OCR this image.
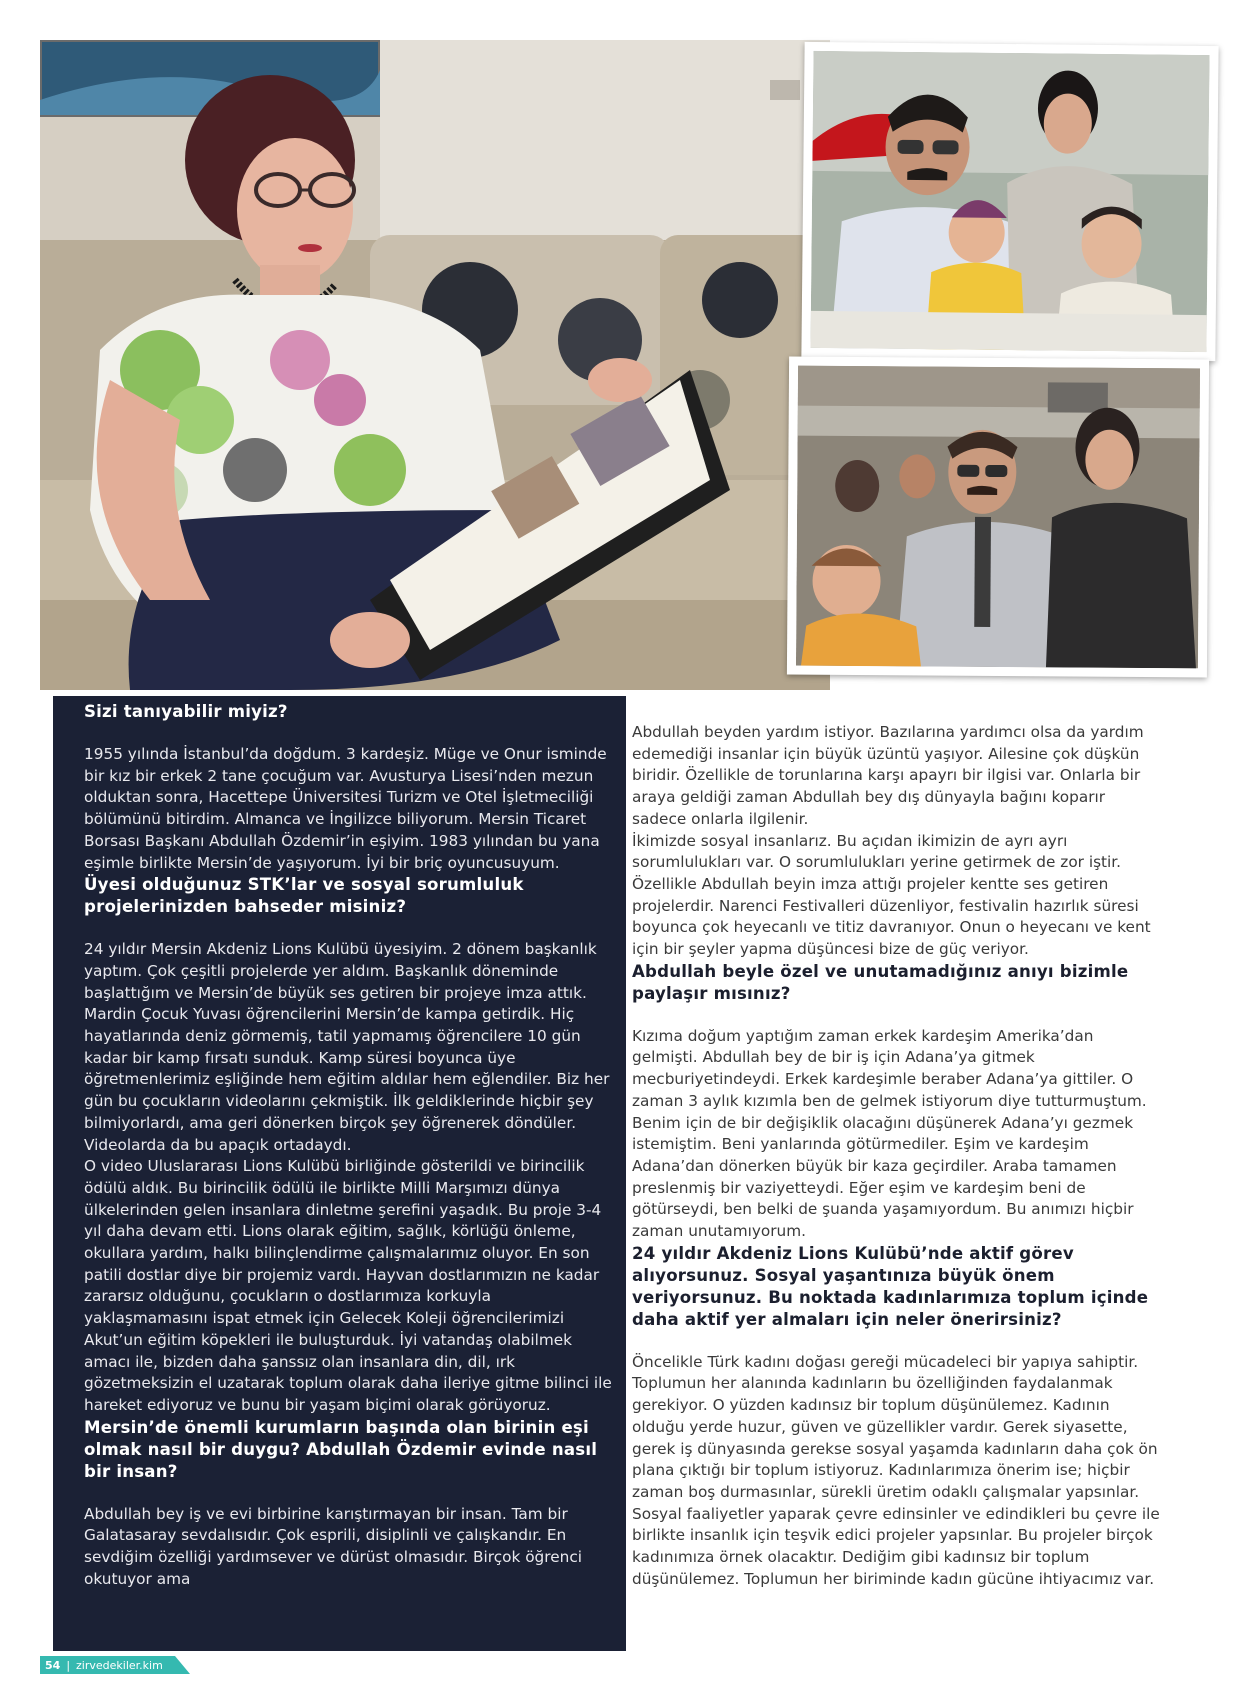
Sizi tanıyabilir miyiz?

1955 yılında İstanbul’da doğdum. 3 kardeşiz. Müge ve Onur isminde bir kız bir erkek 2 tane çocuğum var. Avusturya Lisesi’nden mezun olduktan sonra, Hacettepe Üniversitesi Turizm ve Otel İşletmeciliği bölümünü bitirdim. Almanca ve İngilizce biliyorum. Mersin Ticaret Borsası Başkanı Abdullah Özdemir’in eşiyim. 1983 yılından bu yana eşimle birlikte Mersin’de yaşıyorum. İyi bir briç oyuncusuyum.

Üyesi olduğunuz STK’lar ve sosyal sorumluluk projelerinizden bahseder misiniz?

24 yıldır Mersin Akdeniz Lions Kulübü üyesiyim. 2 dönem başkanlık yaptım. Çok çeşitli projelerde yer aldım. Başkanlık döneminde başlattığım ve Mersin’de büyük ses getiren bir projeye imza attık. Mardin Çocuk Yuvası öğrencilerini Mersin’de kampa getirdik. Hiç hayatlarında deniz görmemiş, tatil yapmamış öğrencilere 10 gün kadar bir kamp fırsatı sunduk. Kamp süresi boyunca üye öğretmenlerimiz eşliğinde hem eğitim aldılar hem eğlendiler. Biz her gün bu çocukların videolarını çekmiştik. İlk geldiklerinde hiçbir şey bilmiyorlardı, ama geri dönerken birçok şey öğrenerek döndüler. Videolarda da bu apaçık ortadaydı.

O video Uluslararası Lions Kulübü birliğinde gösterildi ve birincilik ödülü aldık. Bu birincilik ödülü ile birlikte Milli Marşımızı dünya ülkelerinden gelen insanlara dinletme şerefini yaşadık. Bu proje 3-4 yıl daha devam etti. Lions olarak eğitim, sağlık, körlüğü önleme, okullara yardım, halkı bilinçlendirme çalışmalarımız oluyor. En son patili dostlar diye bir projemiz vardı. Hayvan dostlarımızın ne kadar zararsız olduğunu, çocukların o dostlarımıza korkuyla yaklaşmamasını ispat etmek için Gelecek Koleji öğrencilerimizi Akut’un eğitim köpekleri ile buluşturduk. İyi vatandaş olabilmek amacı ile, bizden daha şanssız olan insanlara din, dil, ırk gözetmeksizin el uzatarak toplum olarak daha ileriye gitme bilinci ile hareket ediyoruz ve bunu bir yaşam biçimi olarak görüyoruz.

Mersin’de önemli kurumların başında olan birinin eşi olmak nasıl bir duygu? Abdullah Özdemir evinde nasıl bir insan?

Abdullah bey iş ve evi birbirine karıştırmayan bir insan. Tam bir Galatasaray sevdalısıdır. Çok esprili, disiplinli ve çalışkandır. En sevdiğim özelliği yardımsever ve dürüst olmasıdır. Birçok öğrenci okutuyor ama

Abdullah beyden yardım istiyor. Bazılarına yardımcı olsa da yardım edemediği insanlar için büyük üzüntü yaşıyor. Ailesine çok düşkün biridir. Özellikle de torunlarına karşı apayrı bir ilgisi var. Onlarla bir araya geldiği zaman Abdullah bey dış dünyayla bağını koparır sadece onlarla ilgilenir.

İkimizde sosyal insanlarız. Bu açıdan ikimizin de ayrı ayrı sorumlulukları var. O sorumlulukları yerine getirmek de zor iştir. Özellikle Abdullah beyin imza attığı projeler kentte ses getiren projelerdir. Narenci Festivalleri düzenliyor, festivalin hazırlık süresi boyunca çok heyecanlı ve titiz davranıyor. Onun o heyecanı ve kent için bir şeyler yapma düşüncesi bize de güç veriyor.

Abdullah beyle özel ve unutamadığınız anıyı bizimle paylaşır mısınız?

Kızıma doğum yaptığım zaman erkek kardeşim Amerika’dan gelmişti. Abdullah bey de bir iş için Adana’ya gitmek mecburiyetindeydi. Erkek kardeşimle beraber Adana’ya gittiler. O zaman 3 aylık kızımla ben de gelmek istiyorum diye tutturmuştum. Benim için de bir değişiklik olacağını düşünerek Adana’yı gezmek istemiştim. Beni yanlarında götürmediler. Eşim ve kardeşim Adana’dan dönerken büyük bir kaza geçirdiler. Araba tamamen preslenmiş bir vaziyetteydi. Eğer eşim ve kardeşim beni de götürseydi, ben belki de şuanda yaşamıyordum. Bu anımızı hiçbir zaman unutamıyorum.

24 yıldır Akdeniz Lions Kulübü’nde aktif görev alıyorsunuz. Sosyal yaşantınıza büyük önem veriyorsunuz. Bu noktada kadınlarımıza toplum içinde daha aktif yer almaları için neler önerirsiniz?

Öncelikle Türk kadını doğası gereği mücadeleci bir yapıya sahiptir. Toplumun her alanında kadınların bu özelliğinden faydalanmak gerekiyor. O yüzden kadınsız bir toplum düşünülemez. Kadının olduğu yerde huzur, güven ve güzellikler vardır. Gerek siyasette, gerek iş dünyasında gerekse sosyal yaşamda kadınların daha çok ön plana çıktığı bir toplum istiyoruz. Kadınlarımıza önerim ise; hiçbir zaman boş durmasınlar, sürekli üretim odaklı çalışmalar yapsınlar. Sosyal faaliyetler yaparak çevre edinsinler ve edindikleri bu çevre ile birlikte insanlık için teşvik edici projeler yapsınlar. Bu projeler birçok kadınımıza örnek olacaktır. Dediğim gibi kadınsız bir toplum düşünülemez. Toplumun her biriminde kadın gücüne ihtiyacımız var.

54 | zirvedekiler.kim
